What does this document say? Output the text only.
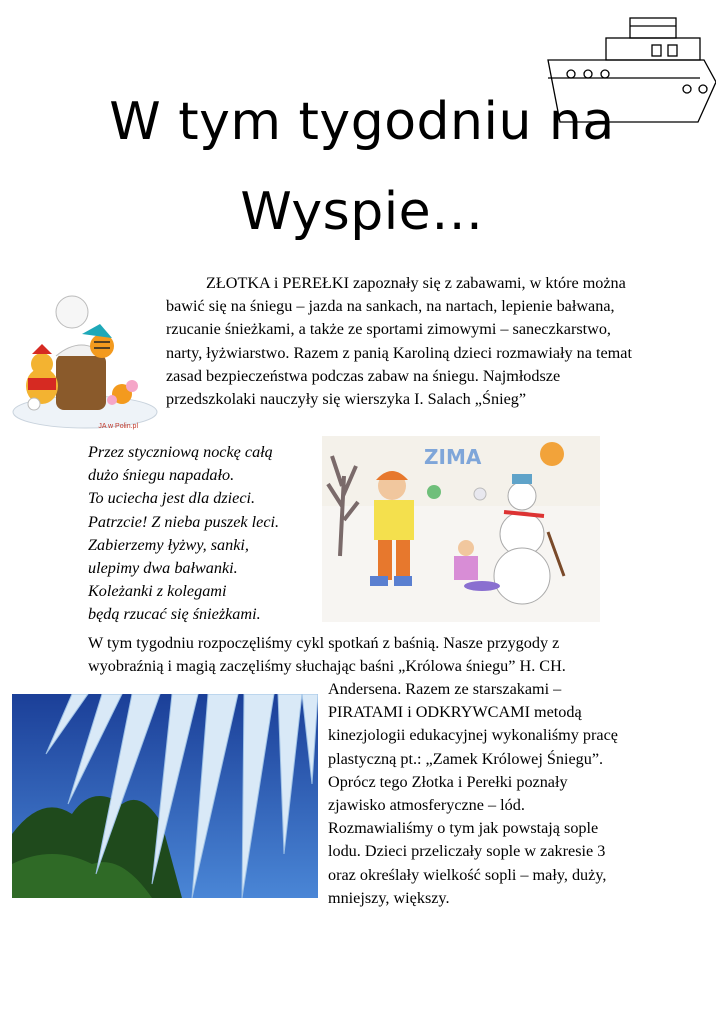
W tym tygodniu na
Wyspie…
JA w Polin.pl

ZŁOTKA i PEREŁKI zapoznały się z zabawami, w które można bawić się na śniegu – jazda na sankach, na nartach, lepienie bałwana, rzucanie śnieżkami, a także ze sportami zimowymi – saneczkarstwo, narty, łyżwiarstwo. Razem z panią Karoliną dzieci rozmawiały na temat zasad bezpieczeństwa podczas zabaw na śniegu. Najmłodsze przedszkolaki nauczyły się wierszyka I. Salach „Śnieg”

Przez styczniową nockę całą
dużo śniegu napadało.
To uciecha jest dla dzieci.
Patrzcie! Z nieba puszek leci.
Zabierzemy łyżwy, sanki,
ulepimy dwa bałwanki.
Koleżanki z kolegami
będą rzucać się śnieżkami.
ZIMA

W tym tygodniu rozpoczęliśmy cykl spotkań z baśnią. Nasze przygody z wyobraźnią i magią zaczęliśmy słuchając baśni „Królowa śniegu” H. CH.

Andersena. Razem ze starszakami – PIRATAMI i ODKRYWCAMI metodą kinezjologii edukacyjnej wykonaliśmy pracę plastyczną pt.: „Zamek Królowej Śniegu”. Oprócz tego Złotka i Perełki poznały zjawisko atmosferyczne – lód. Rozmawialiśmy o tym jak powstają sople lodu. Dzieci przeliczały sople w zakresie 3 oraz określały wielkość sopli – mały, duży, mniejszy, większy.
